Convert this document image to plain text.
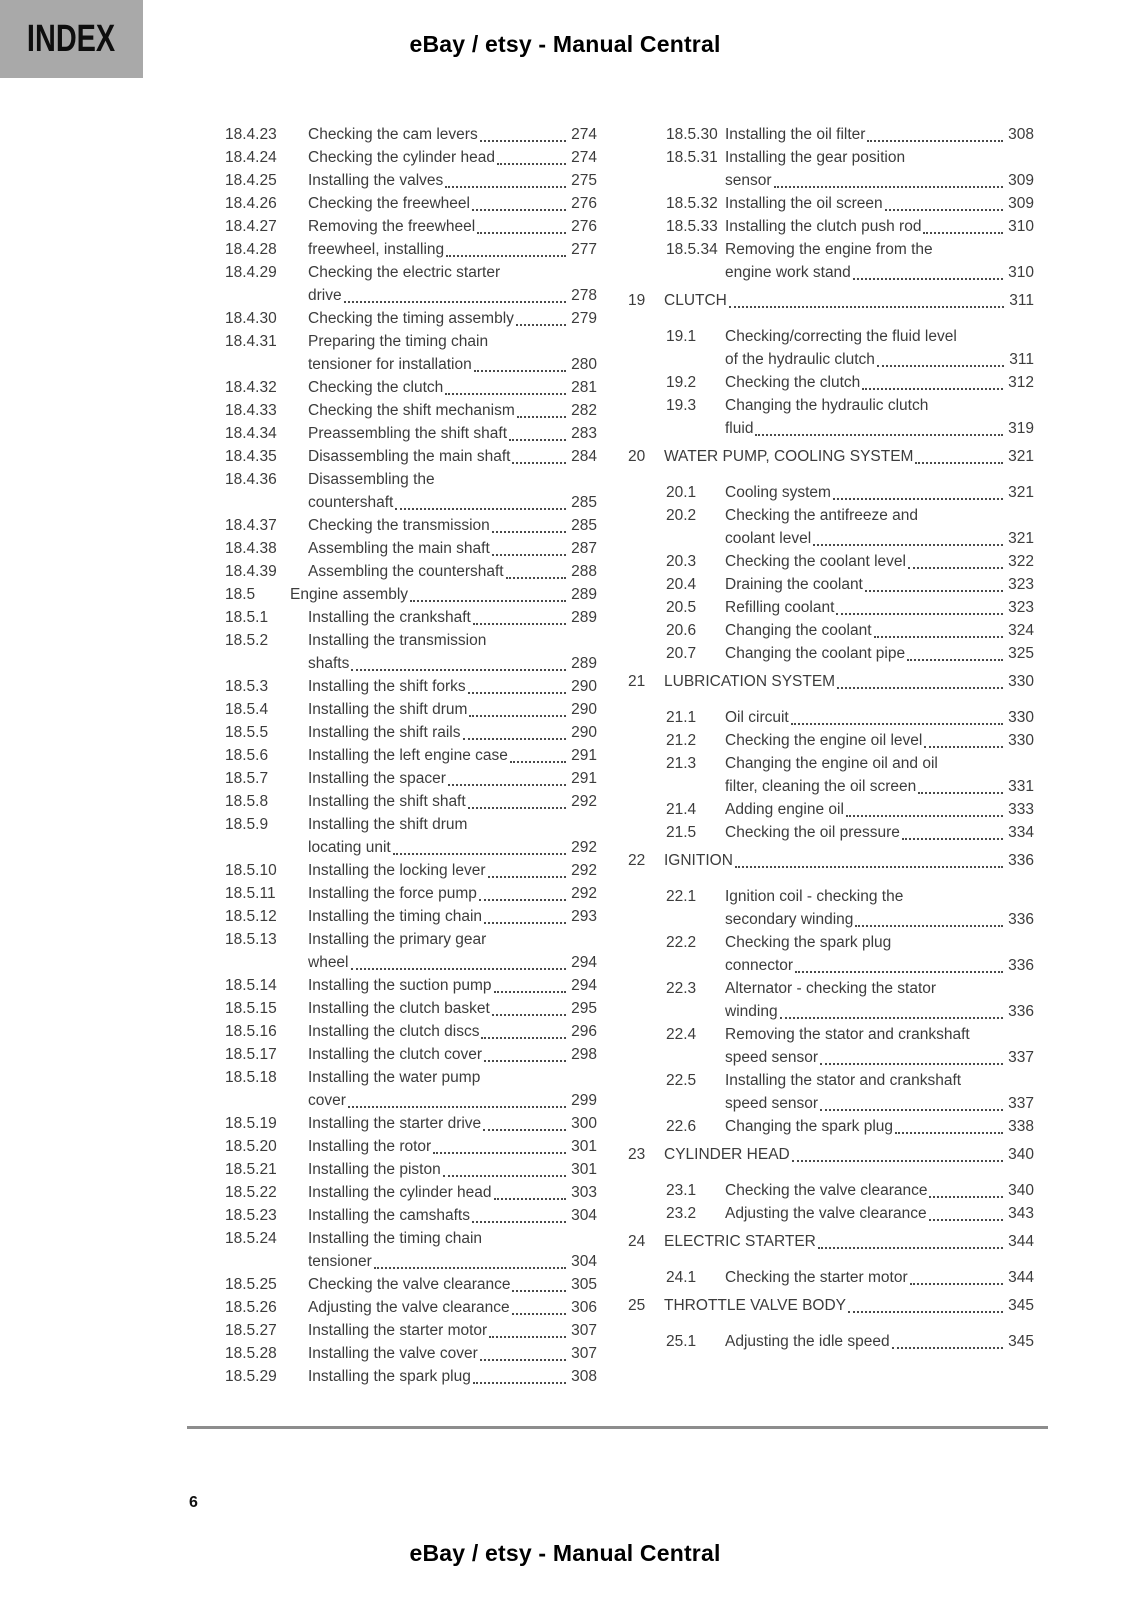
INDEX	eBay / etsy - Manual Central
18.4.23	Checking the cam levers	274
18.4.24	Checking the cylinder head	274
18.4.25	Installing the valves	275
18.4.26	Checking the freewheel	276
18.4.27	Removing the freewheel	276
18.4.28	freewheel, installing	277
18.4.29	Checking the electric starter
drive	278
18.4.30	Checking the timing assembly	279
18.4.31	Preparing the timing chain
tensioner for installation	280
18.4.32	Checking the clutch	281
18.4.33	Checking the shift mechanism	282
18.4.34	Preassembling the shift shaft	283
18.4.35	Disassembling the main shaft	284
18.4.36	Disassembling the
countershaft	285
18.4.37	Checking the transmission	285
18.4.38	Assembling the main shaft	287
18.4.39	Assembling the countershaft	288
18.5	Engine assembly	289
18.5.1	Installing the crankshaft	289
18.5.2	Installing the transmission
shafts	289
18.5.3	Installing the shift forks	290
18.5.4	Installing the shift drum	290
18.5.5	Installing the shift rails	290
18.5.6	Installing the left engine case	291
18.5.7	Installing the spacer	291
18.5.8	Installing the shift shaft	292
18.5.9	Installing the shift drum
locating unit	292
18.5.10	Installing the locking lever	292
18.5.11	Installing the force pump	292
18.5.12	Installing the timing chain	293
18.5.13	Installing the primary gear
wheel	294
18.5.14	Installing the suction pump	294
18.5.15	Installing the clutch basket	295
18.5.16	Installing the clutch discs	296
18.5.17	Installing the clutch cover	298
18.5.18	Installing the water pump
cover	299
18.5.19	Installing the starter drive	300
18.5.20	Installing the rotor	301
18.5.21	Installing the piston	301
18.5.22	Installing the cylinder head	303
18.5.23	Installing the camshafts	304
18.5.24	Installing the timing chain
tensioner	304
18.5.25	Checking the valve clearance	305
18.5.26	Adjusting the valve clearance	306
18.5.27	Installing the starter motor	307
18.5.28	Installing the valve cover	307
18.5.29	Installing the spark plug	308
18.5.30 Installing the oil filter	308
18.5.31 Installing the gear position
sensor	309
18.5.32 Installing the oil screen	309
18.5.33 Installing the clutch push rod	310
18.5.34 Removing the engine from the
engine work stand	310
19	CLUTCH	311
19.1	Checking/correcting the fluid level
of the hydraulic clutch	311
19.2	Checking the clutch	312
19.3	Changing the hydraulic clutch
fluid	319
20	WATER PUMP, COOLING SYSTEM	321
20.1	Cooling system	321
20.2	Checking the antifreeze and
coolant level	321
20.3	Checking the coolant level	322
20.4	Draining the coolant	323
20.5	Refilling coolant	323
20.6	Changing the coolant	324
20.7	Changing the coolant pipe	325
21	LUBRICATION SYSTEM	330
21.1	Oil circuit	330
21.2	Checking the engine oil level	330
21.3	Changing the engine oil and oil
filter, cleaning the oil screen	331
21.4	Adding engine oil	333
21.5	Checking the oil pressure	334
22	IGNITION	336
22.1	Ignition coil - checking the
secondary winding	336
22.2	Checking the spark plug
connector	336
22.3	Alternator - checking the stator
winding	336
22.4	Removing the stator and crankshaft
speed sensor	337
22.5	Installing the stator and crankshaft
speed sensor	337
22.6	Changing the spark plug	338
23	CYLINDER HEAD	340
23.1	Checking the valve clearance	340
23.2	Adjusting the valve clearance	343
24	ELECTRIC STARTER	344
24.1	Checking the starter motor	344
25	THROTTLE VALVE BODY	345
25.1	Adjusting the idle speed	345
6
eBay / etsy - Manual Central
